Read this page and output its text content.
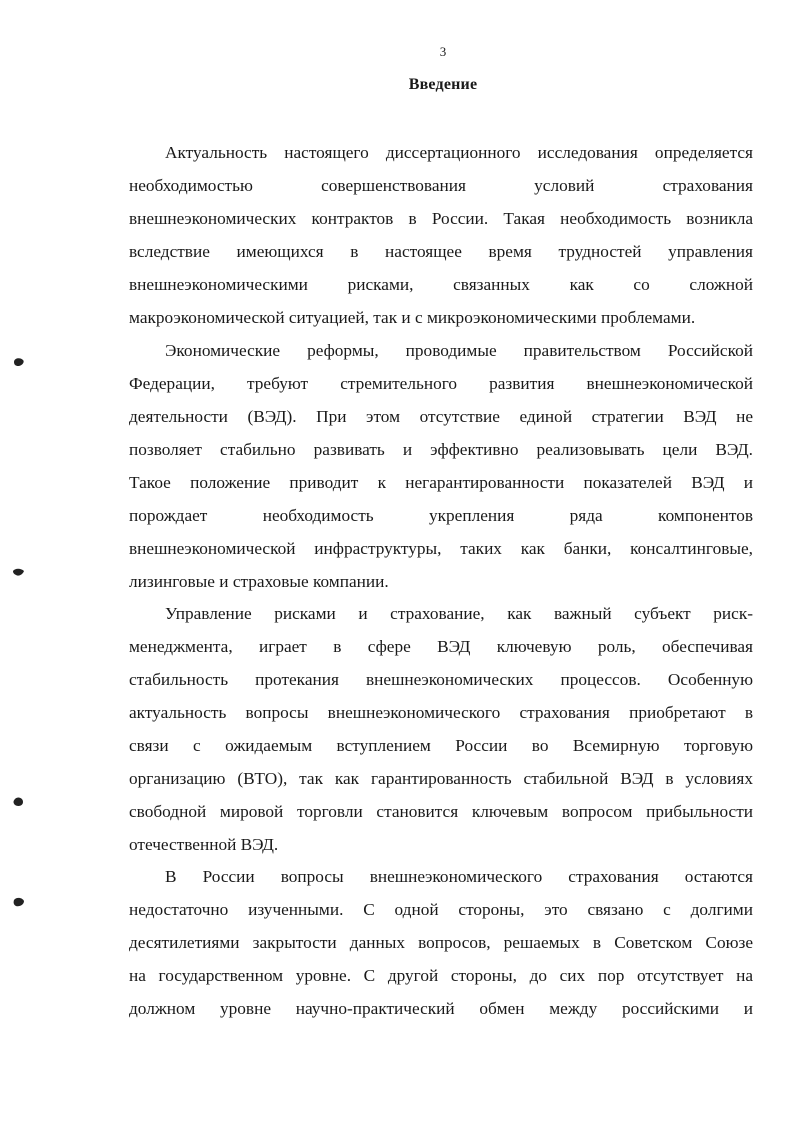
3
Введение
Актуальность настоящего диссертационного исследования определяется
необходимостью совершенствования условий страхования
внешнеэкономических контрактов в России. Такая необходимость возникла
вследствие имеющихся в настоящее время трудностей управления
внешнеэкономическими рисками, связанных как со сложной
макроэкономической ситуацией, так и с микроэкономическими проблемами.
Экономические реформы, проводимые правительством Российской
Федерации, требуют стремительного развития внешнеэкономической
деятельности (ВЭД). При этом отсутствие единой стратегии ВЭД не
позволяет стабильно развивать и эффективно реализовывать цели ВЭД.
Такое положение приводит к негарантированности показателей ВЭД и
порождает необходимость укрепления ряда компонентов
внешнеэкономической инфраструктуры, таких как банки, консалтинговые,
лизинговые и страховые компании.
Управление рисками и страхование, как важный субъект риск-
менеджмента, играет в сфере ВЭД ключевую роль, обеспечивая
стабильность протекания внешнеэкономических процессов. Особенную
актуальность вопросы внешнеэкономического страхования приобретают в
связи с ожидаемым вступлением России во Всемирную торговую
организацию (ВТО), так как гарантированность стабильной ВЭД в условиях
свободной мировой торговли становится ключевым вопросом прибыльности
отечественной ВЭД.
В России вопросы внешнеэкономического страхования остаются
недостаточно изученными. С одной стороны, это связано с долгими
десятилетиями закрытости данных вопросов, решаемых в Советском Союзе
на государственном уровне. С другой стороны, до сих пор отсутствует на
должном уровне научно-практический обмен между российскими и
